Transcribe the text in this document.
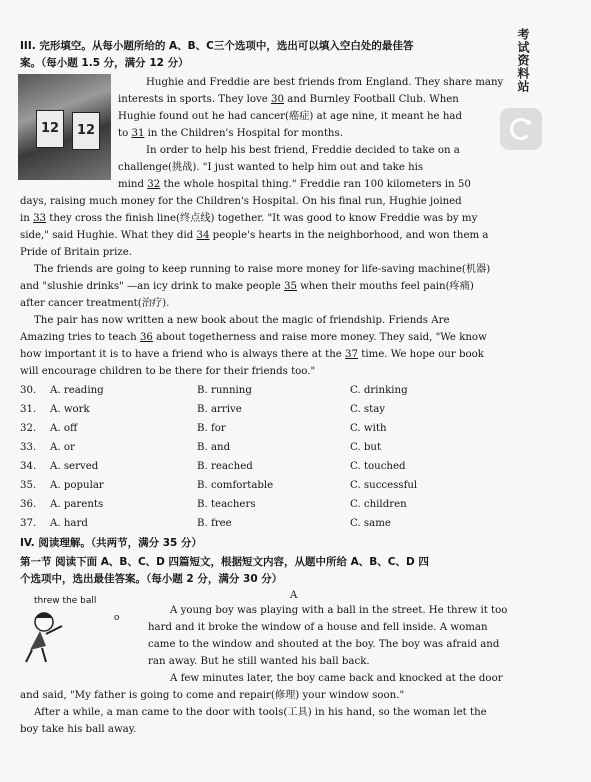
III. 完形填空。从每小题所给的 A、B、C三个选项中，选出可以填入空白处的最佳答
案。（每小题 1.5 分，满分 12 分）	考试资料站
12	12
Hughie and Freddie are best friends from England. They share many
interests in sports. They love 30 and Burnley Football Club. When
Hughie found out he had cancer(癌症) at age nine, it meant he had
to 31 in the Children's Hospital for months.
In order to help his best friend, Freddie decided to take on a
challenge(挑战). "I just wanted to help him out and take his
mind 32 the whole hospital thing." Freddie ran 100 kilometers in 50
days, raising much money for the Children's Hospital. On his final run, Hughie joined
in 33 they cross the finish line(终点线) together. "It was good to know Freddie was by my
side," said Hughie. What they did 34 people's hearts in the neighborhood, and won them a
Pride of Britain prize.
The friends are going to keep running to raise more money for life-saving machine(机器)
and "slushie drinks" —an icy drink to make people 35 when their mouths feel pain(疼痛)
after cancer treatment(治疗).
The pair has now written a new book about the magic of friendship. Friends Are
Amazing tries to teach 36 about togetherness and raise more money. They said, "We know
how important it is to have a friend who is always there at the 37 time. We hope our book
will encourage children to be there for their friends too."
30. A. reading	B. running	C. drinking
31. A. work	B. arrive	C. stay
32. A. off	B. for	C. with
33. A. or	B. and	C. but
34. A. served	B. reached	C. touched
35. A. popular	B. comfortable	C. successful
36. A. parents	B. teachers	C. children
37. A. hard	B. free	C. same
IV. 阅读理解。（共两节，满分 35 分）
第一节 阅读下面 A、B、C、D 四篇短文，根据短文内容，从题中所给 A、B、C、D 四
个选项中，选出最佳答案。（每小题 2 分，满分 30 分）
threw the ball	A
o
A young boy was playing with a ball in the street. He threw it too
hard and it broke the window of a house and fell inside. A woman
came to the window and shouted at the boy. The boy was afraid and
ran away. But he still wanted his ball back.
A few minutes later, the boy came back and knocked at the door
and said, "My father is going to come and repair(修理) your window soon."
After a while, a man came to the door with tools(工具) in his hand, so the woman let the
boy take his ball away.
